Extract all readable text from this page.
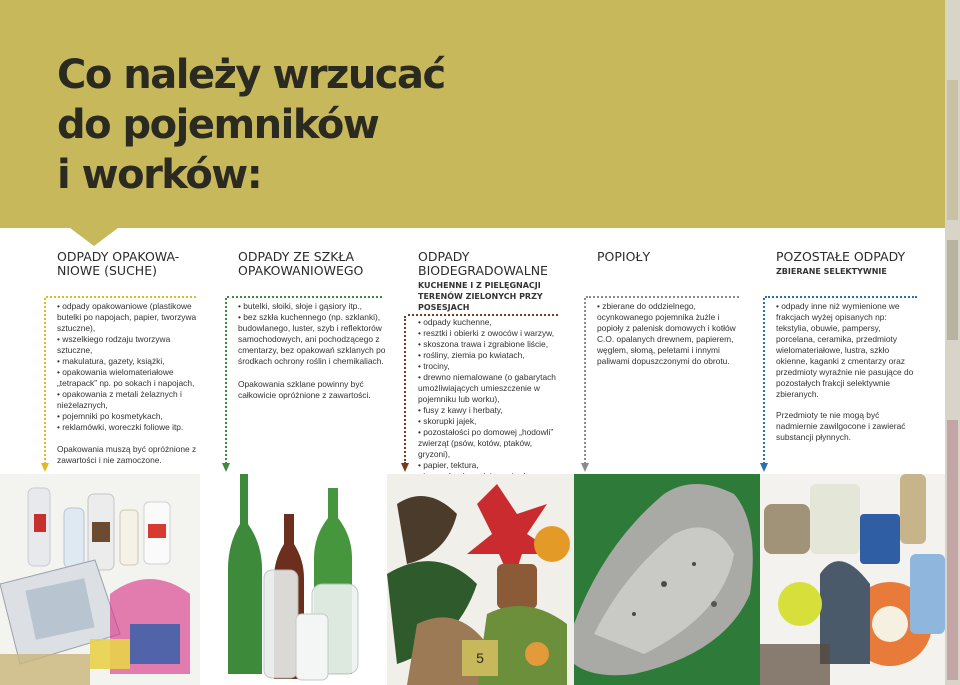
Co należy wrzucać
do pojemników
i worków:
ODPADY OPAKOWA-
NIOWE (SUCHE)
• odpady opakowaniowe (plastikowe butelki po napojach, papier, tworzywa sztuczne),
• wszelkiego rodzaju tworzywa sztuczne,
• makulatura, gazety, książki,
• opakowania wielomateriałowe „tetrapack” np. po sokach i napojach,
• opakowania z metali żelaznych i nieżelaznych,
• pojemniki po kosmetykach,
• reklamówki, woreczki foliowe itp.

Opakowania muszą być opróżnione z zawartości i nie zamoczone.

ODPADY ZE SZKŁA
OPAKOWANIOWEGO
• butelki, słoiki, słoje i gąsiory itp.,
• bez szkła kuchennego (np. szklanki), budowlanego, luster, szyb i reflektorów samochodowych, ani pochodzącego z cmentarzy, bez opakowań szklanych po środkach ochrony roślin i chemikaliach.

Opakowania szklane powinny być całkowicie opróżnione z zawartości.

ODPADY
BIODEGRADOWALNE

KUCHENNE I Z PIELĘGNACJI TERENÓW ZIELONYCH PRZY POSESJACH

• odpady kuchenne,
• resztki i obierki z owoców i warzyw,
• skoszona trawa i zgrabione liście,
• rośliny, ziemia po kwiatach,
• trociny,
• drewno niemalowane (o gabarytach umożliwiających umieszczenie w pojemniku lub worku),
• fusy z kawy i herbaty,
• skorupki jajek,
• pozostałości po domowej „hodowli” zwierząt (psów, kotów, ptaków, gryzoni),
• papier, tektura,
•
POPIOŁY
• zbierane do oddzielnego, ocynkowanego pojemnika żużle i popioły z palenisk domowych i kotłów C.O. opalanych drewnem, papierem, węglem, słomą, peletami i innymi paliwami dopuszczonymi do obrotu.
POZOSTAŁE ODPADY

ZBIERANE SELEKTYWNIE

• odpady inne niż wymienione we frakcjach wyżej opisanych np: tekstylia, obuwie, pampersy, porcelana, ceramika, przedmioty wielomateriałowe, lustra, szkło okienne, kaganki z cmentarzy oraz przedmioty wyraźnie nie pasujące do pozostałych frakcji selektywnie zbieranych.

Przedmioty te nie mogą być nadmiernie zawilgocone i zawierać substancji płynnych.

5
